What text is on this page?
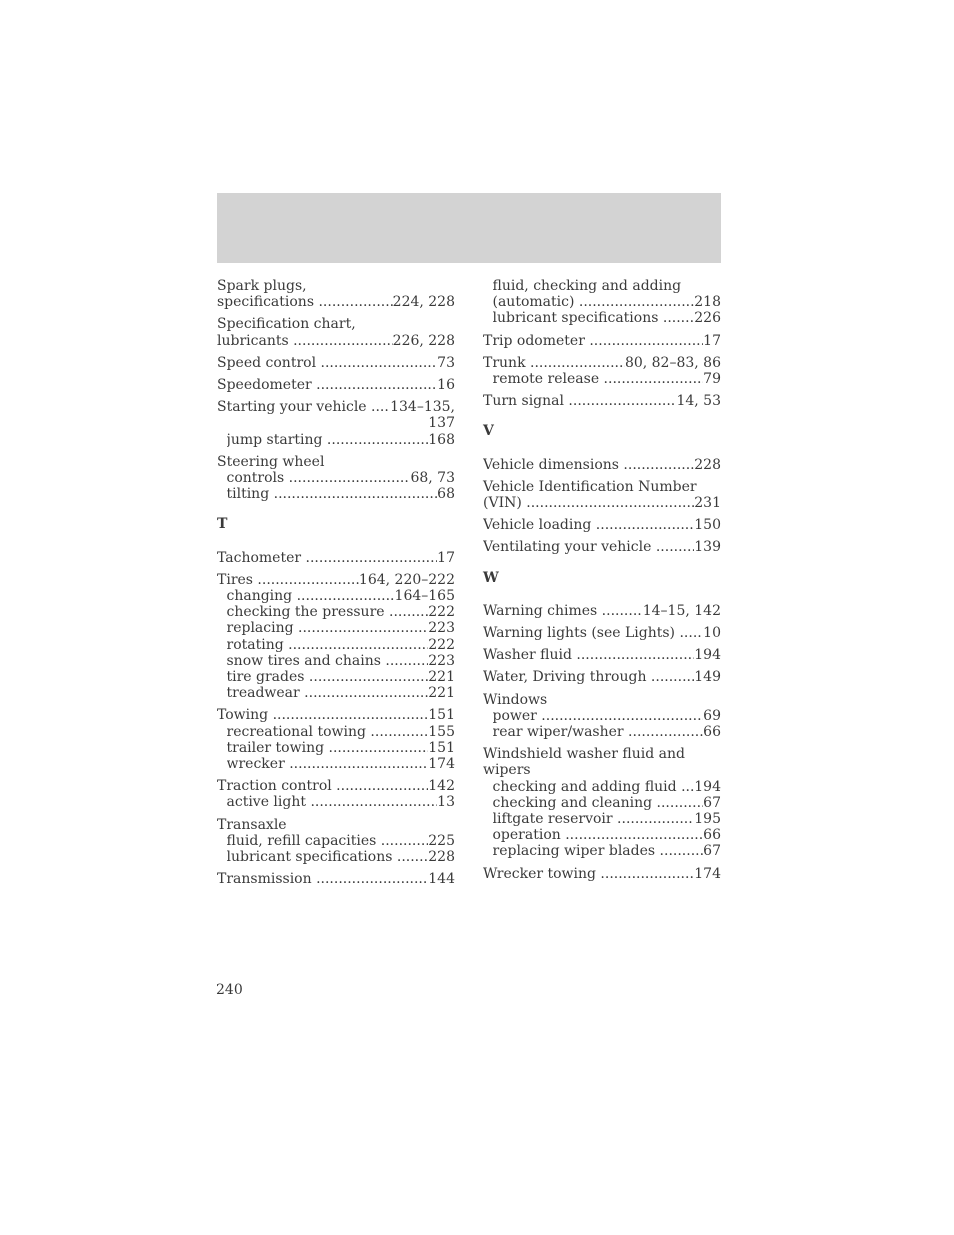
Spark plugs,
specifications .....	224, 228
Specification chart,
lubricants .....	226, 228
Speed control .....	73
Speedometer .....	16
Starting your vehicle .....	134–135,
137
jump starting .....	168
Steering wheel
controls .....	68, 73
tilting .....	68
T
Tachometer .....	17
Tires .....	164, 220–222
changing .....	164–165
checking the pressure .....	222
replacing .....	223
rotating .....	222
snow tires and chains .....	223
tire grades .....	221
treadwear .....	221
Towing .....	151
recreational towing .....	155
trailer towing .....	151
wrecker .....	174
Traction control .....	142
active light .....	13
Transaxle
fluid, refill capacities .....	225
lubricant specifications .....	228
Transmission .....	144
fluid, checking and adding
(automatic) .....	218
lubricant specifications .....	226
Trip odometer .....	17
Trunk .....	80, 82–83, 86
remote release .....	79
Turn signal .....	14, 53
V
Vehicle dimensions .....	228
Vehicle Identification Number
(VIN) .....	231
Vehicle loading .....	150
Ventilating your vehicle .....	139
W
Warning chimes .....	14–15, 142
Warning lights (see Lights) .....	10
Washer fluid .....	194
Water, Driving through .....	149
Windows
power .....	69
rear wiper/washer .....	66
Windshield washer fluid and
wipers
checking and adding fluid .....	194
checking and cleaning .....	67
liftgate reservoir .....	195
operation .....	66
replacing wiper blades .....	67
Wrecker towing .....	174
240
